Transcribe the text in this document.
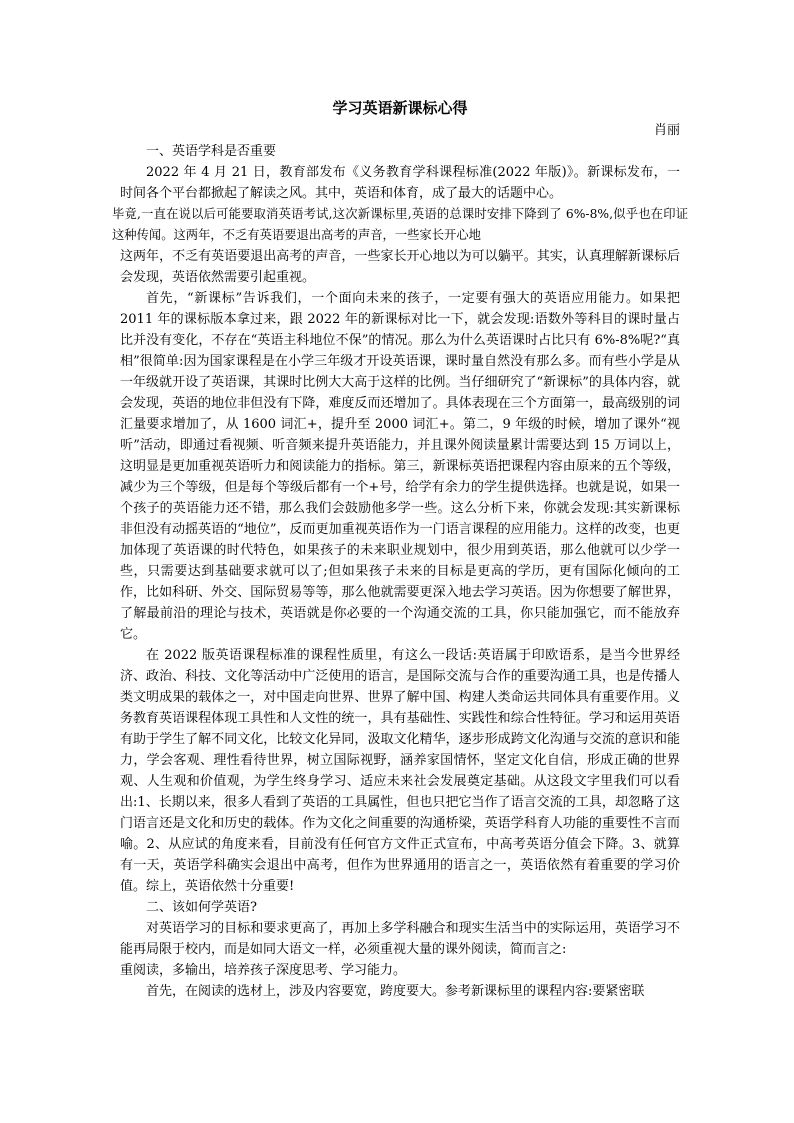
学习英语新课标心得
肖丽
一、英语学科是否重要

2022 年 4 月 21 日，教育部发布《义务教育学科课程标准(2022 年版)》。新课标发布，一时间各个平台都掀起了解读之风。其中，英语和体育，成了最大的话题中心。

毕竟,一直在说以后可能要取消英语考试,这次新课标里,英语的总课时安排下降到了 6%-8%,似乎也在印证这种传闻。这两年，不乏有英语要退出高考的声音，一些家长开心地

这两年，不乏有英语要退出高考的声音，一些家长开心地以为可以躺平。其实，认真理解新课标后会发现，英语依然需要引起重视。

首先，“新课标”告诉我们，一个面向未来的孩子，一定要有强大的英语应用能力。如果把 2011 年的课标版本拿过来，跟 2022 年的新课标对比一下，就会发现:语数外等科目的课时量占比并没有变化，不存在“英语主科地位不保”的情况。那么为什么英语课时占比只有 6%-8%呢?“真相”很简单:因为国家课程是在小学三年级才开设英语课，课时量自然没有那么多。而有些小学是从一年级就开设了英语课，其课时比例大大高于这样的比例。当仔细研究了“新课标”的具体内容，就会发现，英语的地位非但没有下降，难度反而还增加了。具体表现在三个方面第一，最高级别的词汇量要求增加了，从 1600 词汇+，提升至 2000 词汇+。第二，9 年级的时候，增加了课外“视听”活动，即通过看视频、听音频来提升英语能力，并且课外阅读量累计需要达到 15 万词以上，这明显是更加重视英语听力和阅读能力的指标。第三，新课标英语把课程内容由原来的五个等级，减少为三个等级，但是每个等级后都有一个+号，给学有余力的学生提供选择。也就是说，如果一个孩子的英语能力还不错，那么我们会鼓励他多学一些。这么分析下来，你就会发现:其实新课标非但没有动摇英语的“地位”，反而更加重视英语作为一门语言课程的应用能力。这样的改变，也更加体现了英语课的时代特色，如果孩子的未来职业规划中，很少用到英语，那么他就可以少学一些，只需要达到基础要求就可以了;但如果孩子未来的目标是更高的学历，更有国际化倾向的工作，比如科研、外交、国际贸易等等，那么他就需要更深入地去学习英语。因为你想要了解世界，了解最前沿的理论与技术，英语就是你必要的一个沟通交流的工具，你只能加强它，而不能放弃它。

在 2022 版英语课程标准的课程性质里，有这么一段话:英语属于印欧语系，是当今世界经济、政治、科技、文化等活动中广泛使用的语言，是国际交流与合作的重要沟通工具，也是传播人类文明成果的载体之一，对中国走向世界、世界了解中国、构建人类命运共同体具有重要作用。义务教育英语课程体现工具性和人文性的统一，具有基础性、实践性和综合性特征。学习和运用英语有助于学生了解不同文化，比较文化异同，汲取文化精华，逐步形成跨文化沟通与交流的意识和能力，学会客观、理性看待世界，树立国际视野，涵养家国情怀，坚定文化自信，形成正确的世界观、人生观和价值观，为学生终身学习、适应未来社会发展奠定基础。从这段文字里我们可以看出:1、长期以来，很多人看到了英语的工具属性，但也只把它当作了语言交流的工具，却忽略了这门语言还是文化和历史的载体。作为文化之间重要的沟通桥梁，英语学科育人功能的重要性不言而喻。2、从应试的角度来看，目前没有任何官方文件正式宣布，中高考英语分值会下降。3、就算有一天，英语学科确实会退出中高考，但作为世界通用的语言之一，英语依然有着重要的学习价值。综上，英语依然十分重要!

二、该如何学英语?

对英语学习的目标和要求更高了，再加上多学科融合和现实生活当中的实际运用，英语学习不能再局限于校内，而是如同大语文一样，必须重视大量的课外阅读，简而言之:

重阅读，多输出，培养孩子深度思考、学习能力。

首先，在阅读的选材上，涉及内容要宽，跨度要大。参考新课标里的课程内容:要紧密联
